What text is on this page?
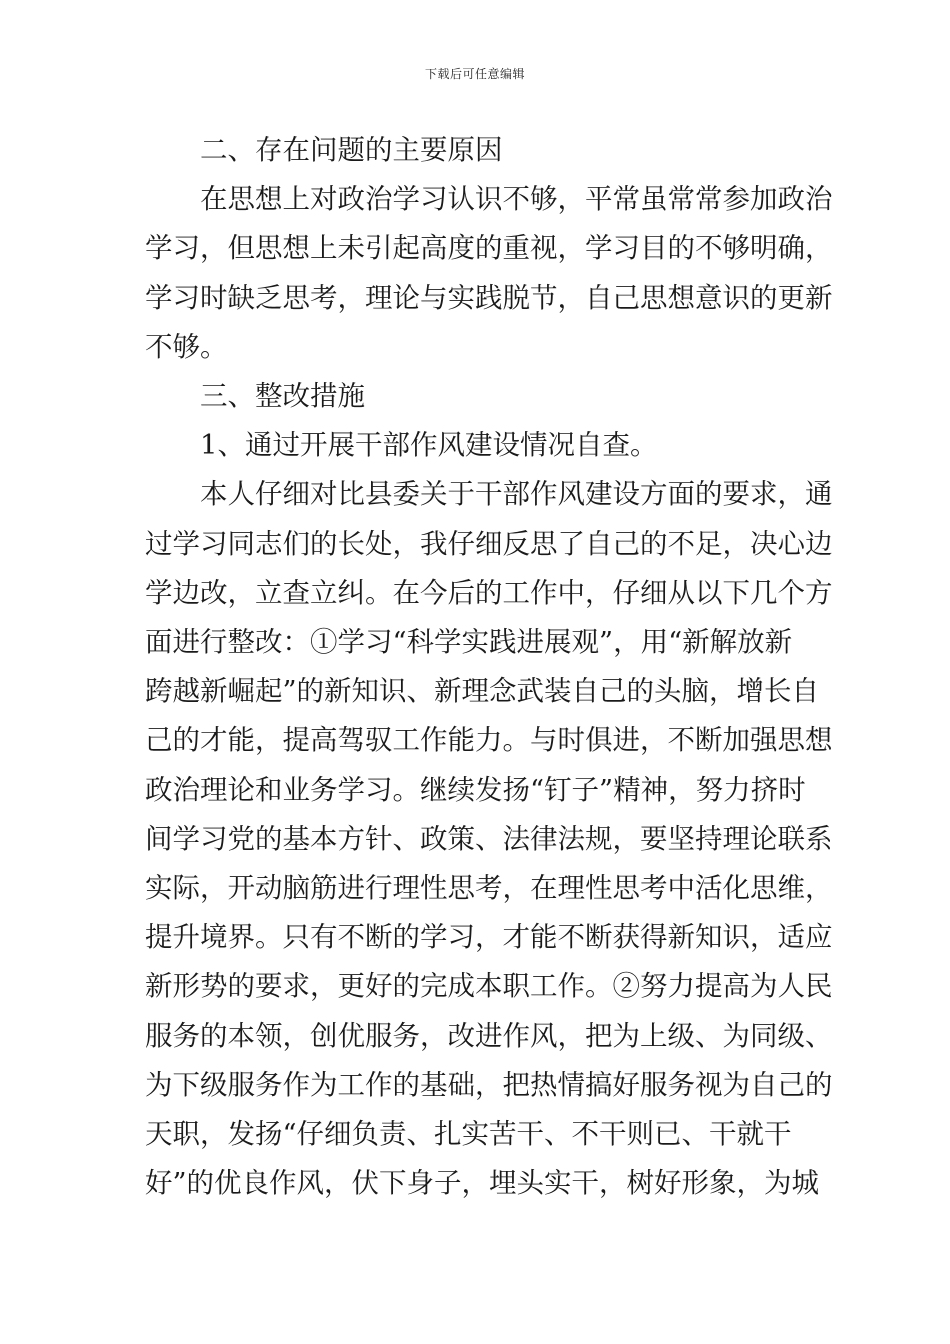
下载后可任意编辑

二、存在问题的主要原因

在思想上对政治学习认识不够，平常虽常常参加政治
学习，但思想上未引起高度的重视，学习目的不够明确，
学习时缺乏思考，理论与实践脱节，自己思想意识的更新
不够。

三、整改措施

1、通过开展干部作风建设情况自查。

本人仔细对比县委关于干部作风建设方面的要求，通
过学习同志们的长处，我仔细反思了自己的不足，决心边
学边改，立查立纠。在今后的工作中，仔细从以下几个方
面进行整改：①学习“科学实践进展观”，用“新解放新
跨越新崛起”的新知识、新理念武装自己的头脑，增长自
己的才能，提高驾驭工作能力。与时俱进，不断加强思想
政治理论和业务学习。继续发扬“钉子”精神，努力挤时
间学习党的基本方针、政策、法律法规，要坚持理论联系
实际，开动脑筋进行理性思考，在理性思考中活化思维，
提升境界。只有不断的学习，才能不断获得新知识，适应
新形势的要求，更好的完成本职工作。②努力提高为人民
服务的本领，创优服务，改进作风，把为上级、为同级、
为下级服务作为工作的基础，把热情搞好服务视为自己的
天职，发扬“仔细负责、扎实苦干、不干则已、干就干
好”的优良作风，伏下身子，埋头实干，树好形象，为城
